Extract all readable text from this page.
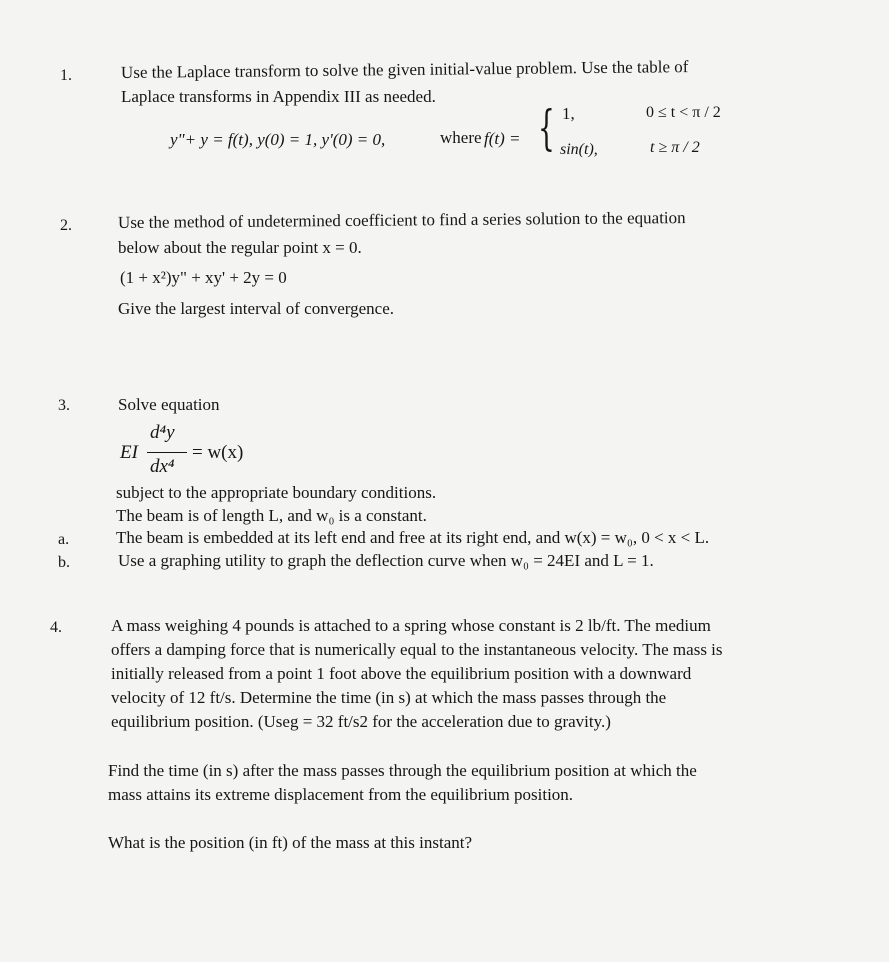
1.	Use the Laplace transform to solve the given initial-value problem. Use the table of
Laplace transforms in Appendix III as needed.
y"+ y = f(t), y(0) = 1, y'(0) = 0,	where f(t) = { 1,	0 ≤ t < π / 2
sin(t),	t ≥ π / 2
2.	Use the method of undetermined coefficient to find a series solution to the equation
below about the regular point x = 0.
(1 + x²)y" + xy' + 2y = 0
Give the largest interval of convergence.
3.	Solve equation
EI
d⁴y
dx⁴
= w(x)
subject to the appropriate boundary conditions.
The beam is of length L, and w₀ is a constant.
a.	The beam is embedded at its left end and free at its right end, and w(x) = w₀, 0 < x < L.
b.	Use a graphing utility to graph the deflection curve when w₀ = 24EI and L = 1.
4.	A mass weighing 4 pounds is attached to a spring whose constant is 2 lb/ft. The medium
offers a damping force that is numerically equal to the instantaneous velocity. The mass is
initially released from a point 1 foot above the equilibrium position with a downward
velocity of 12 ft/s. Determine the time (in s) at which the mass passes through the
equilibrium position. (Useg = 32 ft/s2 for the acceleration due to gravity.)
Find the time (in s) after the mass passes through the equilibrium position at which the
mass attains its extreme displacement from the equilibrium position.
What is the position (in ft) of the mass at this instant?
